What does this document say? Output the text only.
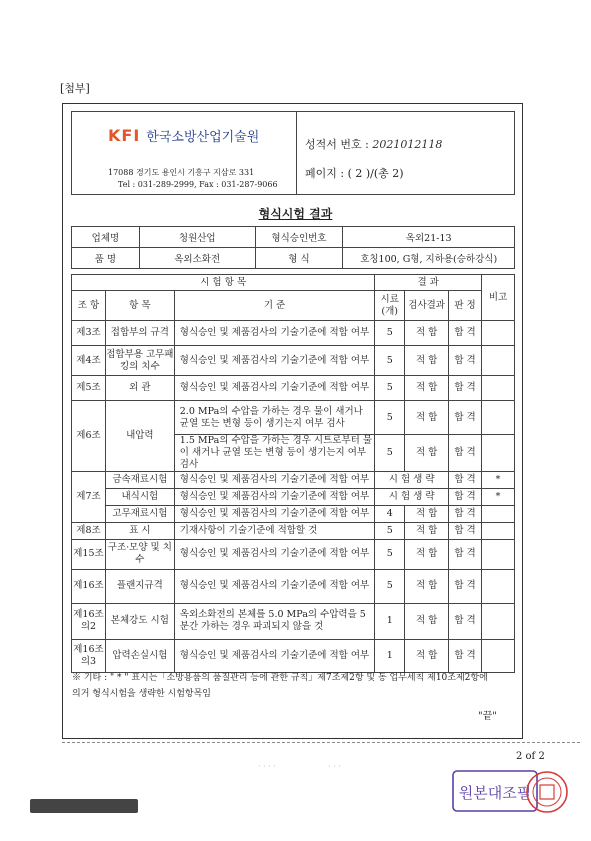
[첨부]
KFI 한국소방산업기술원
17088 경기도 용인시 기흥구 지삼로 331
Tel : 031-289-2999, Fax : 031-287-9066
성적서 번호 : 2021012118
페이지 : ( 2 )/(총 2)
형식시험 결과
업체명	청원산업	형식승인번호	옥외21-13
품 명	옥외소화전	형 식	호칭100, G형, 지하용(승하강식)
시 험 항 목			결 과			비고
조 항	항 목	기 준	시료 (개)	검사결과	판 정	
제3조	접합부의 규격	형식승인 및 제품검사의 기술기준에 적합 여부	5	적 합	합 격	
제4조	접합부용 고무패킹의 치수	형식승인 및 제품검사의 기술기준에 적합 여부	5	적 합	합 격	
제5조	외 관	형식승인 및 제품검사의 기술기준에 적합 여부	5	적 합	합 격	
제6조	내압력	2.0 MPa의 수압을 가하는 경우 물이 새거나 균열 또는 변형 등이 생기는지 여부 검사	5	적 합	합 격	
		1.5 MPa의 수압을 가하는 경우 시트로부터 물이 새거나 균열 또는 변형 등이 생기는지 여부 검사	5	적 합	합 격	
제7조	금속재료시험	형식승인 및 제품검사의 기술기준에 적합 여부	시 험 생 략		합 격	*
	내식시험	형식승인 및 제품검사의 기술기준에 적합 여부	시 험 생 략		합 격	*
	고무재료시험	형식승인 및 제품검사의 기술기준에 적합 여부	4	적 합	합 격	
제8조	표 시	기재사항이 기술기준에 적합할 것	5	적 합	합 격	
제15조	구조·모양 및 치수	형식승인 및 제품검사의 기술기준에 적합 여부	5	적 합	합 격	
제16조	플랜지규격	형식승인 및 제품검사의 기술기준에 적합 여부	5	적 합	합 격	
제16조 의2	본체강도 시험	옥외소화전의 본체를 5.0 MPa의 수압력을 5분간 가하는 경우 파괴되지 않을 것	1	적 합	합 격	
제16조 의3	압력손실시험	형식승인 및 제품검사의 기술기준에 적합 여부	1	적 합	합 격	
※ 기타 : " * " 표시는「소방용품의 품질관리 등에 관한 규칙」제7조제2항 및 동 업무세칙 제10조제2항에
의거 형식시험을 생략한 시험항목임
"끝"
2 of 2
· · · ·	· · ·
원본대조필
